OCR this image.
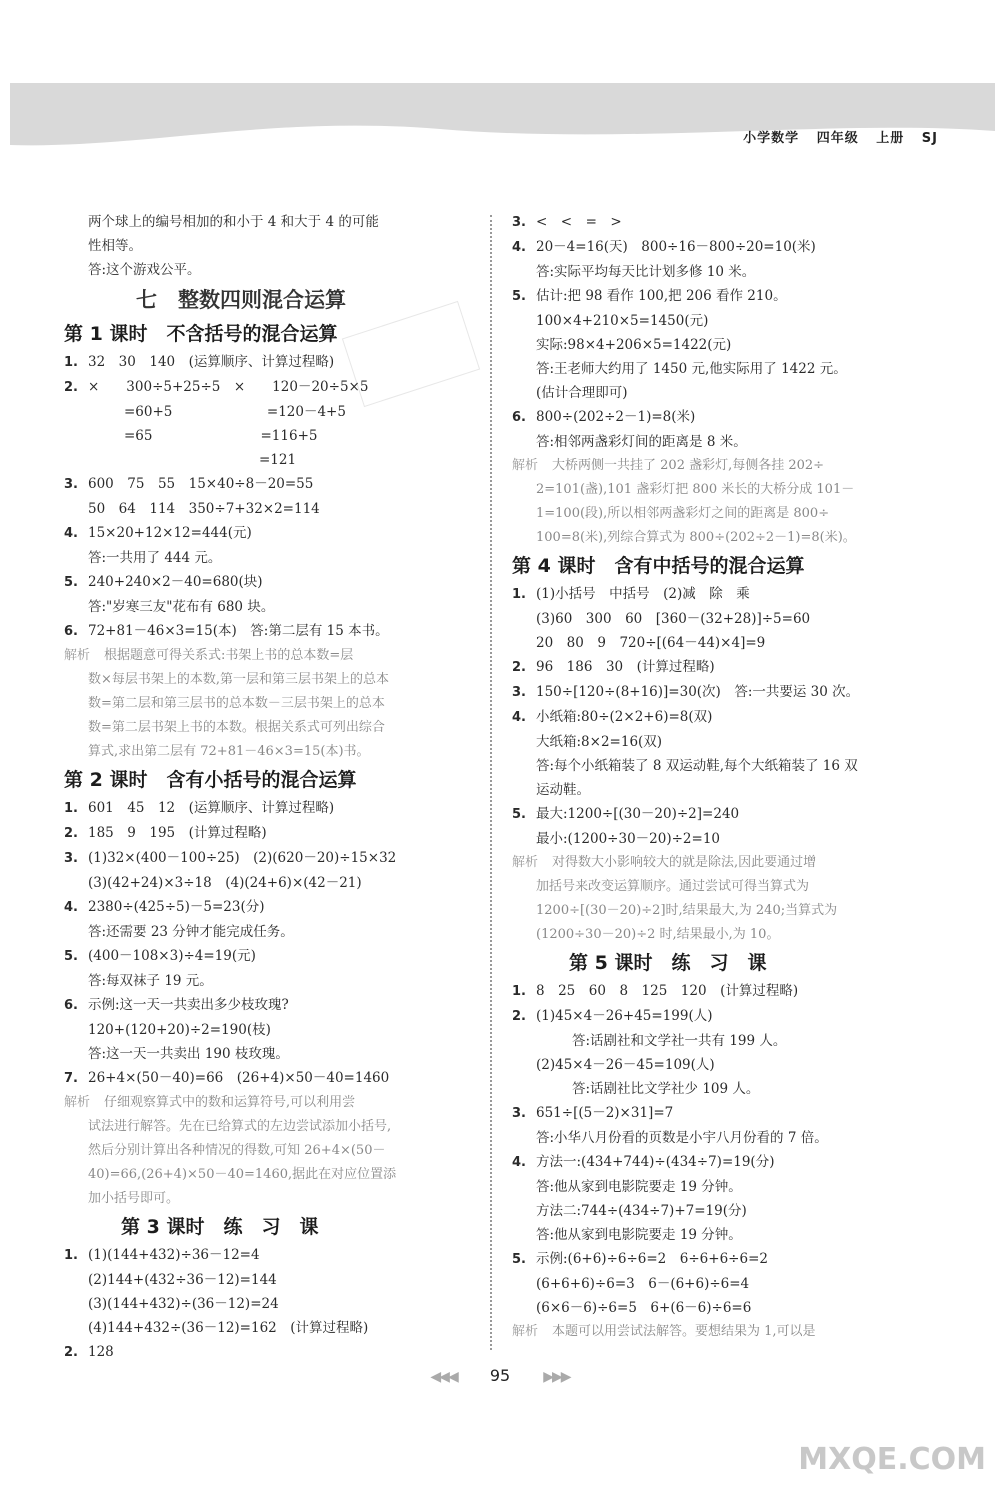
小学数学 四年级 上册 SJ
两个球上的编号相加的和小于 4 和大于 4 的可能
性相等。
答:这个游戏公平。
七　整数四则混合运算
第 1 课时　不含括号的混合运算
1. 32　30　140　(运算顺序、计算过程略)
2. ×　　300÷5+25÷5　×　　120－20÷5×5
=60+5　　　　　　　=120－4+5
=65　　　　　　　　=116+5
　　　　　　　　　　=121
3. 600　75　55　15×40÷8－20=55
50　64　114　350÷7+32×2=114
4. 15×20+12×12=444(元)
答:一共用了 444 元。
5. 240+240×2－40=680(块)
答:"岁寒三友"花布有 680 块。
6. 72+81－46×3=15(本)　答:第二层有 15 本书。
解析 根据题意可得关系式:书架上书的总本数=层
数×每层书架上的本数,第一层和第三层书架上的总本
数=第二层和第三层书的总本数－三层书架上的总本
数=第二层书架上书的本数。根据关系式可列出综合
算式,求出第二层有 72+81－46×3=15(本)书。
第 2 课时　含有小括号的混合运算
1. 601　45　12　(运算顺序、计算过程略)
2. 185　9　195　(计算过程略)
3. (1)32×(400－100÷25)　(2)(620－20)÷15×32
(3)(42+24)×3÷18　(4)(24+6)×(42－21)
4. 2380÷(425÷5)－5=23(分)
答:还需要 23 分钟才能完成任务。
5. (400－108×3)÷4=19(元)
答:每双袜子 19 元。
6. 示例:这一天一共卖出多少枝玫瑰?
120+(120+20)÷2=190(枝)
答:这一天一共卖出 190 枝玫瑰。
7. 26+4×(50－40)=66　(26+4)×50－40=1460
解析 仔细观察算式中的数和运算符号,可以利用尝
试法进行解答。先在已给算式的左边尝试添加小括号,
然后分别计算出各种情况的得数,可知 26+4×(50－
40)=66,(26+4)×50－40=1460,据此在对应位置添
加小括号即可。
　　　第 3 课时　练　习　课
1. (1)(144+432)÷36－12=4
(2)144+(432÷36－12)=144
(3)(144+432)÷(36－12)=24
(4)144+432÷(36－12)=162　(计算过程略)
2. 128
3. <　<　=　>
4. 20－4=16(天)　800÷16－800÷20=10(米)
答:实际平均每天比计划多修 10 米。
5. 估计:把 98 看作 100,把 206 看作 210。
100×4+210×5=1450(元)
实际:98×4+206×5=1422(元)
答:王老师大约用了 1450 元,他实际用了 1422 元。
(估计合理即可)
6. 800÷(202÷2－1)=8(米)
答:相邻两盏彩灯间的距离是 8 米。
解析 大桥两侧一共挂了 202 盏彩灯,每侧各挂 202÷
2=101(盏),101 盏彩灯把 800 米长的大桥分成 101－
1=100(段),所以相邻两盏彩灯之间的距离是 800÷
100=8(米),列综合算式为 800÷(202÷2－1)=8(米)。
第 4 课时　含有中括号的混合运算
1. (1)小括号　中括号　(2)减　除　乘
(3)60　300　60　[360－(32+28)]÷5=60
20　80　9　720÷[(64－44)×4]=9
2. 96　186　30　(计算过程略)
3. 150÷[120÷(8+16)]=30(次)　答:一共要运 30 次。
4. 小纸箱:80÷(2×2+6)=8(双)
大纸箱:8×2=16(双)
答:每个小纸箱装了 8 双运动鞋,每个大纸箱装了 16 双
运动鞋。
5. 最大:1200÷[(30－20)÷2]=240
最小:(1200÷30－20)÷2=10
解析 对得数大小影响较大的就是除法,因此要通过增
加括号来改变运算顺序。通过尝试可得当算式为
1200÷[(30－20)÷2]时,结果最大,为 240;当算式为
(1200÷30－20)÷2 时,结果最小,为 10。
　　　第 5 课时　练　习　课
1. 8　25　60　8　125　120　(计算过程略)
2. (1)45×4－26+45=199(人)
答:话剧社和文学社一共有 199 人。
(2)45×4－26－45=109(人)
答:话剧社比文学社少 109 人。
3. 651÷[(5－2)×31]=7
答:小华八月份看的页数是小宇八月份看的 7 倍。
4. 方法一:(434+744)÷(434÷7)=19(分)
答:他从家到电影院要走 19 分钟。
方法二:744÷(434÷7)+7=19(分)
答:他从家到电影院要走 19 分钟。
5. 示例:(6+6)÷6÷6=2　6÷6+6÷6=2
(6+6+6)÷6=3　6－(6+6)÷6=4
(6×6－6)÷6=5　6+(6－6)÷6=6
解析 本题可以用尝试法解答。要想结果为 1,可以是
◀◀◀ 95 ▶▶▶
MXQE.COM
